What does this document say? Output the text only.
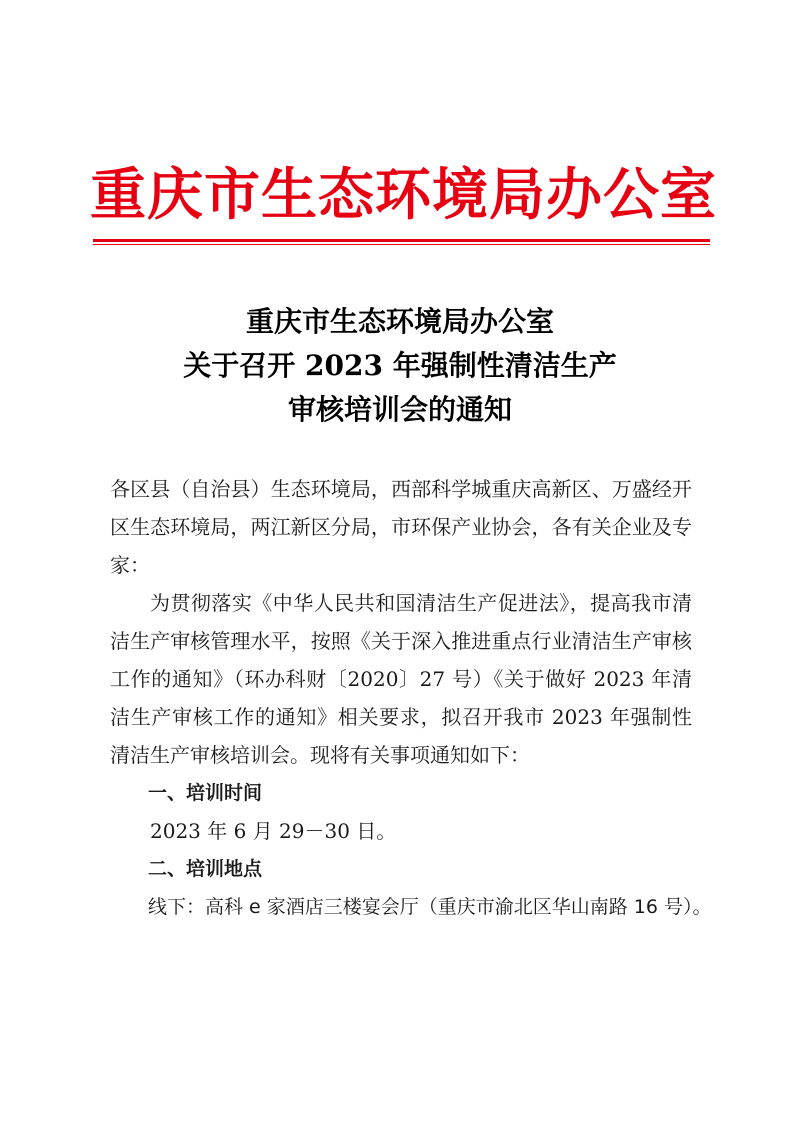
重庆市生态环境局办公室
重庆市生态环境局办公室
关于召开 2023 年强制性清洁生产
审核培训会的通知

各区县（自治县）生态环境局，西部科学城重庆高新区、万盛经开区生态环境局，两江新区分局，市环保产业协会，各有关企业及专家：

为贯彻落实《中华人民共和国清洁生产促进法》，提高我市清洁生产审核管理水平，按照《关于深入推进重点行业清洁生产审核工作的通知》（环办科财〔2020〕27 号）《关于做好 2023 年清洁生产审核工作的通知》相关要求，拟召开我市 2023 年强制性清洁生产审核培训会。现将有关事项通知如下：

一、培训时间

2023 年 6 月 29－30 日。

二、培训地点

线下：高科 e 家酒店三楼宴会厅（重庆市渝北区华山南路 16 号）。
